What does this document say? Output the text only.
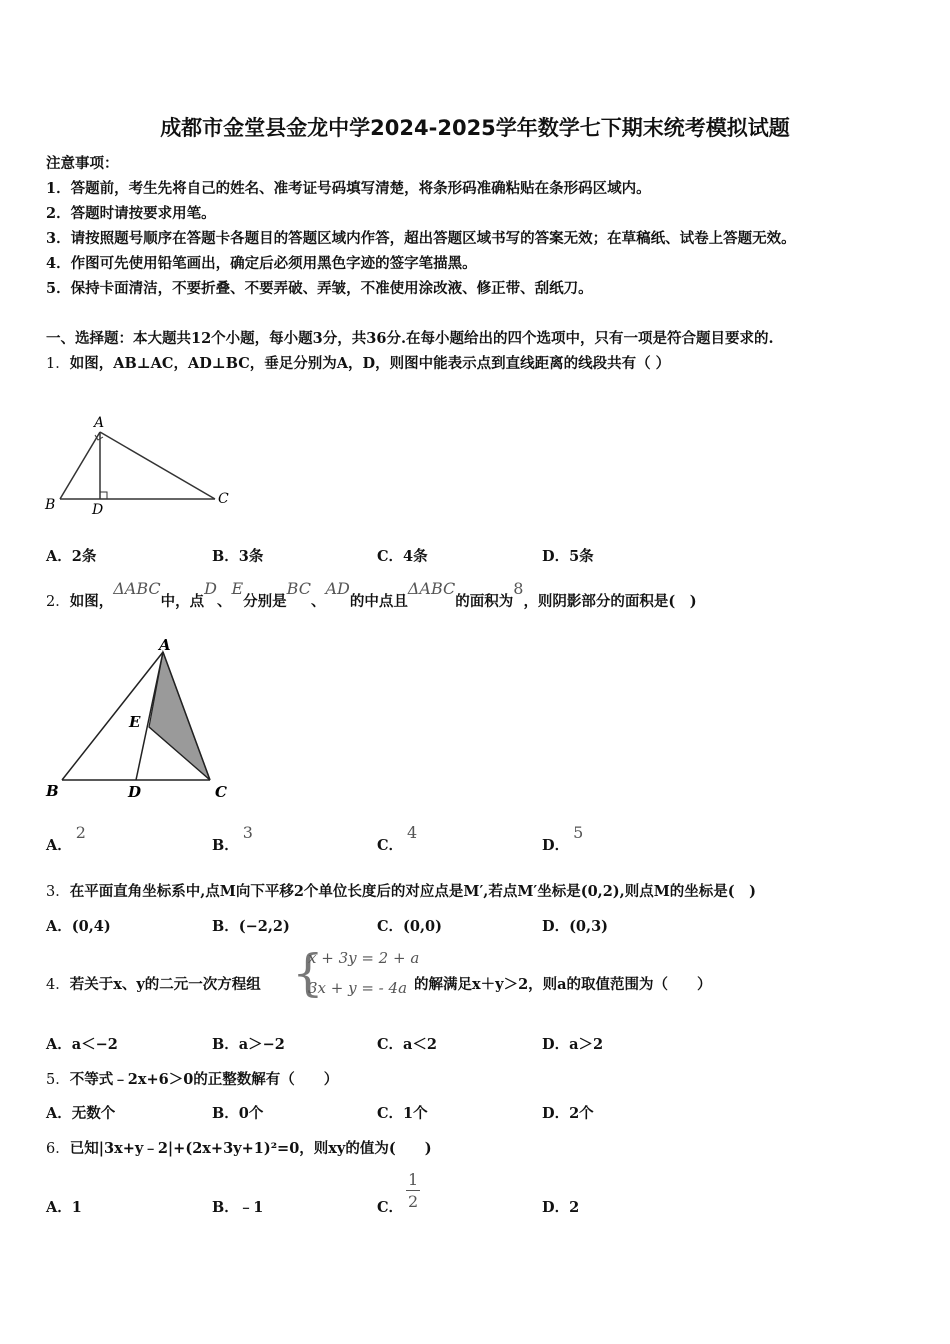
成都市金堂县金龙中学2024-2025学年数学七下期末统考模拟试题
注意事项：
1．答题前，考生先将自己的姓名、准考证号码填写清楚，将条形码准确粘贴在条形码区域内。
2．答题时请按要求用笔。
3．请按照题号顺序在答题卡各题目的答题区域内作答，超出答题区域书写的答案无效；在草稿纸、试卷上答题无效。
4．作图可先使用铅笔画出，确定后必须用黑色字迹的签字笔描黑。
5．保持卡面清洁，不要折叠、不要弄破、弄皱，不准使用涂改液、修正带、刮纸刀。
一、选择题：本大题共12个小题，每小题3分，共36分.在每小题给出的四个选项中，只有一项是符合题目要求的.
1．如图，AB⊥AC，AD⊥BC，垂足分别为A，D，则图中能表示点到直线距离的线段共有（ ）
A
B	C
D
A．2条	B．3条	C．4条	D．5条
2．如图，ΔABC中，点D、E分别是BC、AD的中点且ΔABC的面积为8，则阴影部分的面积是(　)
A
B	C
D
E
A．2
B．3
C．4
D．5
3．在平面直角坐标系中,点M向下平移2个单位长度后的对应点是M′,若点M′坐标是(0,2),则点M的坐标是(　)
A．(0,4)	B．(−2,2)	C．(0,0)	D．(0,3)
4．若关于x、y的二元一次方程组 {
x + 3y = 2 + a
3x + y = - 4a 的解满足x＋y＞2，则a的取值范围为（　　）
A．a＜−2	B．a＞−2	C．a＜2	D．a＞2
5．不等式﹣2x+6＞0的正整数解有（　　）
A．无数个	B．0个	C．1个	D．2个
6．已知|3x+y﹣2|+(2x+3y+1)²=0，则xy的值为(　　)
A．1	B．﹣1	C． $\frac{1}{2}$	D．2
